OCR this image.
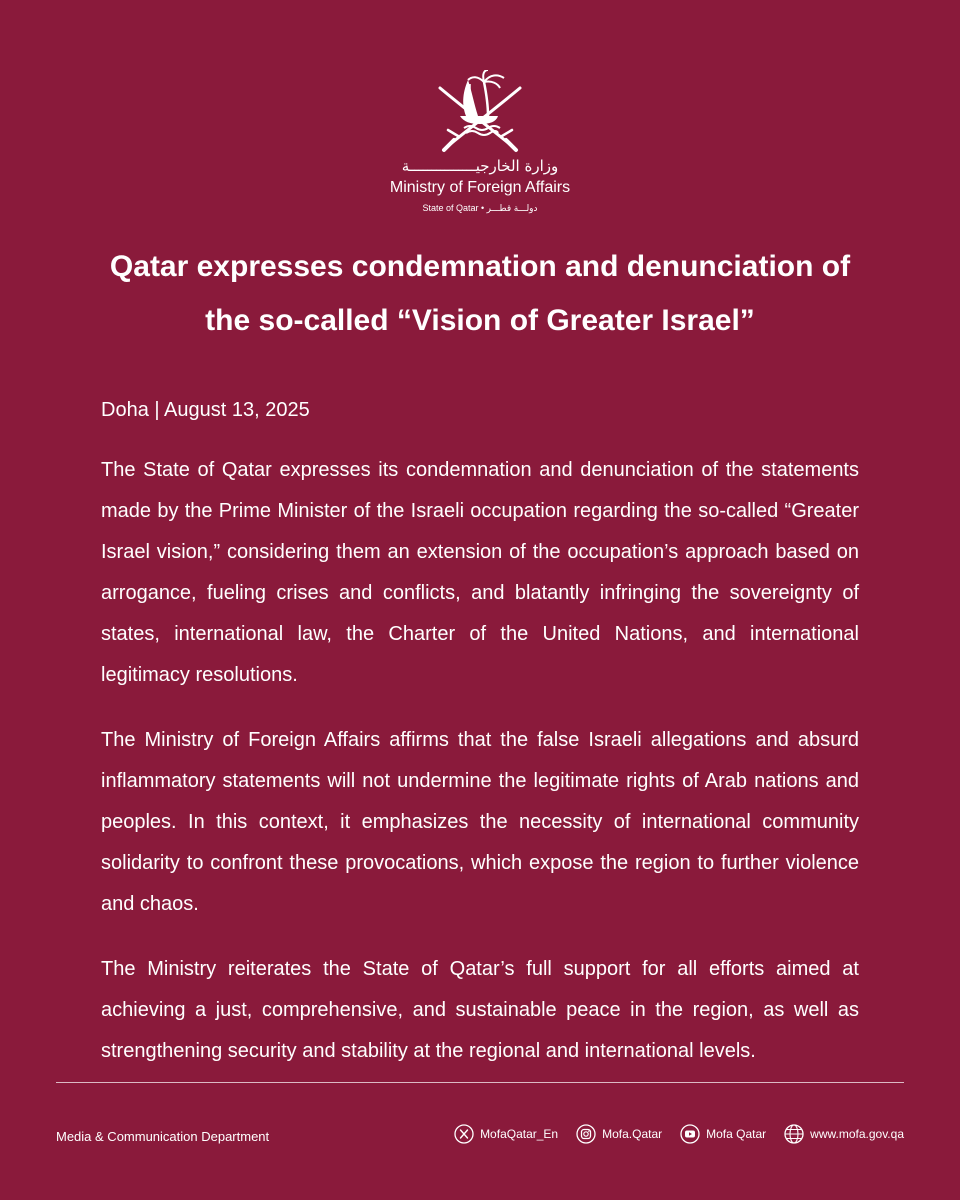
وزارة الخارجيـــــــــــــــة
Ministry of Foreign Affairs
State of Qatar • دولـــة قطـــر
Qatar expresses condemnation and denunciation of
the so-called “Vision of Greater Israel”

Doha | August 13, 2025

The State of Qatar expresses its condemnation and denunciation of the statements made by the Prime Minister of the Israeli occupation regarding the so-called “Greater Israel vision,” considering them an extension of the occupation’s approach based on arrogance, fueling crises and conflicts, and blatantly infringing the sovereignty of states, international law, the Charter of the United Nations, and international legitimacy resolutions.

The Ministry of Foreign Affairs affirms that the false Israeli allegations and absurd inflammatory statements will not undermine the legitimate rights of Arab nations and peoples. In this context, it emphasizes the necessity of international community solidarity to confront these provocations, which expose the region to further violence and chaos.

The Ministry reiterates the State of Qatar’s full support for all efforts aimed at achieving a just, comprehensive, and sustainable peace in the region, as well as strengthening security and stability at the regional and international levels.

Media & Communication Department	MofaQatar_En	Mofa.Qatar	Mofa Qatar	www.mofa.gov.qa
